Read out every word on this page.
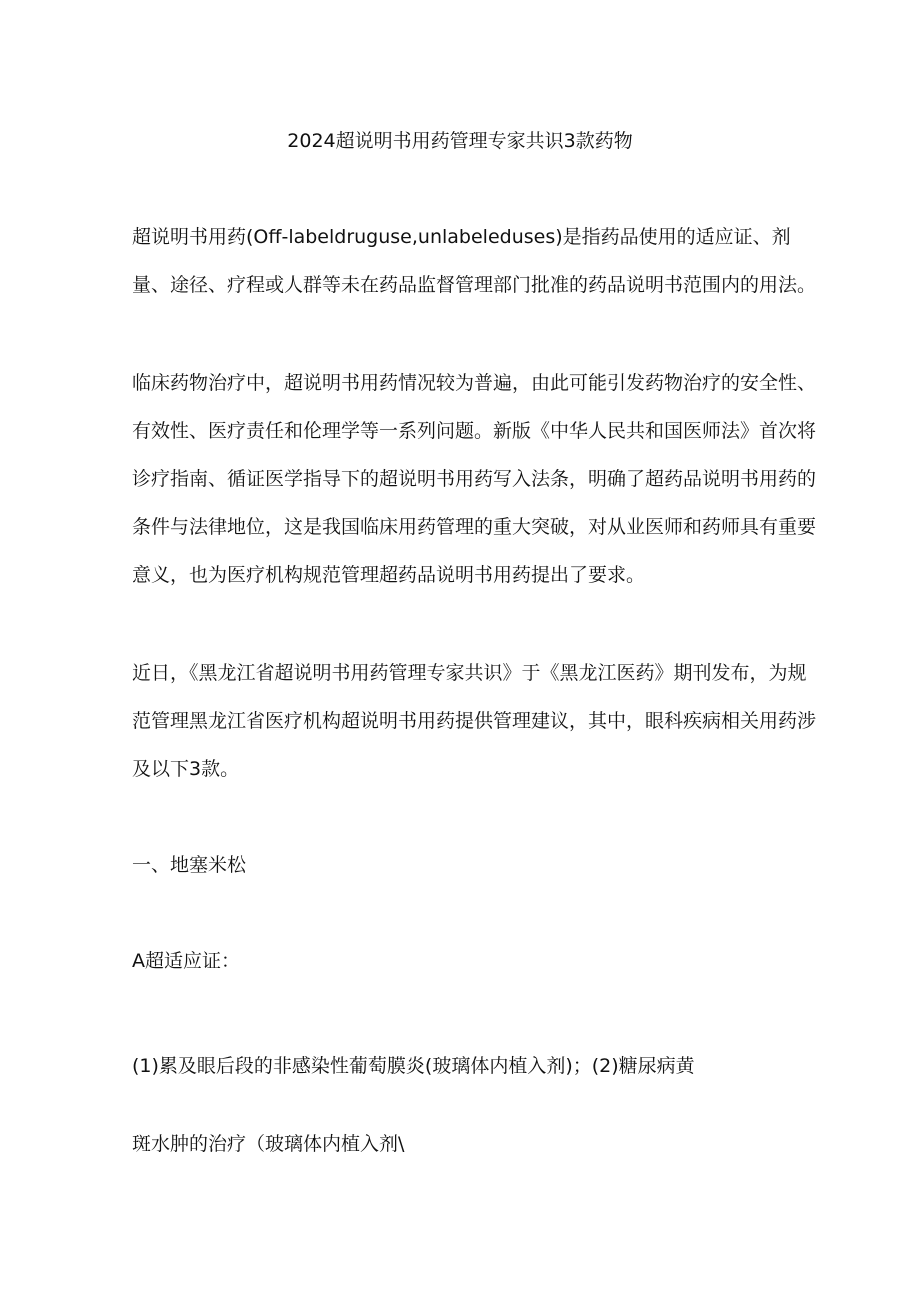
2024超说明书用药管理专家共识3款药物
超说明书用药(Off-labeldruguse,unlabeleduses)是指药品使用的适应证、剂
量、途径、疗程或人群等未在药品监督管理部门批准的药品说明书范围内的用法。
临床药物治疗中，超说明书用药情况较为普遍，由此可能引发药物治疗的安全性、
有效性、医疗责任和伦理学等一系列问题。新版《中华人民共和国医师法》首次将
诊疗指南、循证医学指导下的超说明书用药写入法条，明确了超药品说明书用药的
条件与法律地位，这是我国临床用药管理的重大突破，对从业医师和药师具有重要
意义，也为医疗机构规范管理超药品说明书用药提出了要求。
近日，《黑龙江省超说明书用药管理专家共识》于《黑龙江医药》期刊发布，为规
范管理黑龙江省医疗机构超说明书用药提供管理建议，其中，眼科疾病相关用药涉
及以下3款。
一、地塞米松
A超适应证：
(1)累及眼后段的非感染性葡萄膜炎(玻璃体内植入剂)；(2)糖尿病黄
斑水肿的治疗（玻璃体内植入剂\
